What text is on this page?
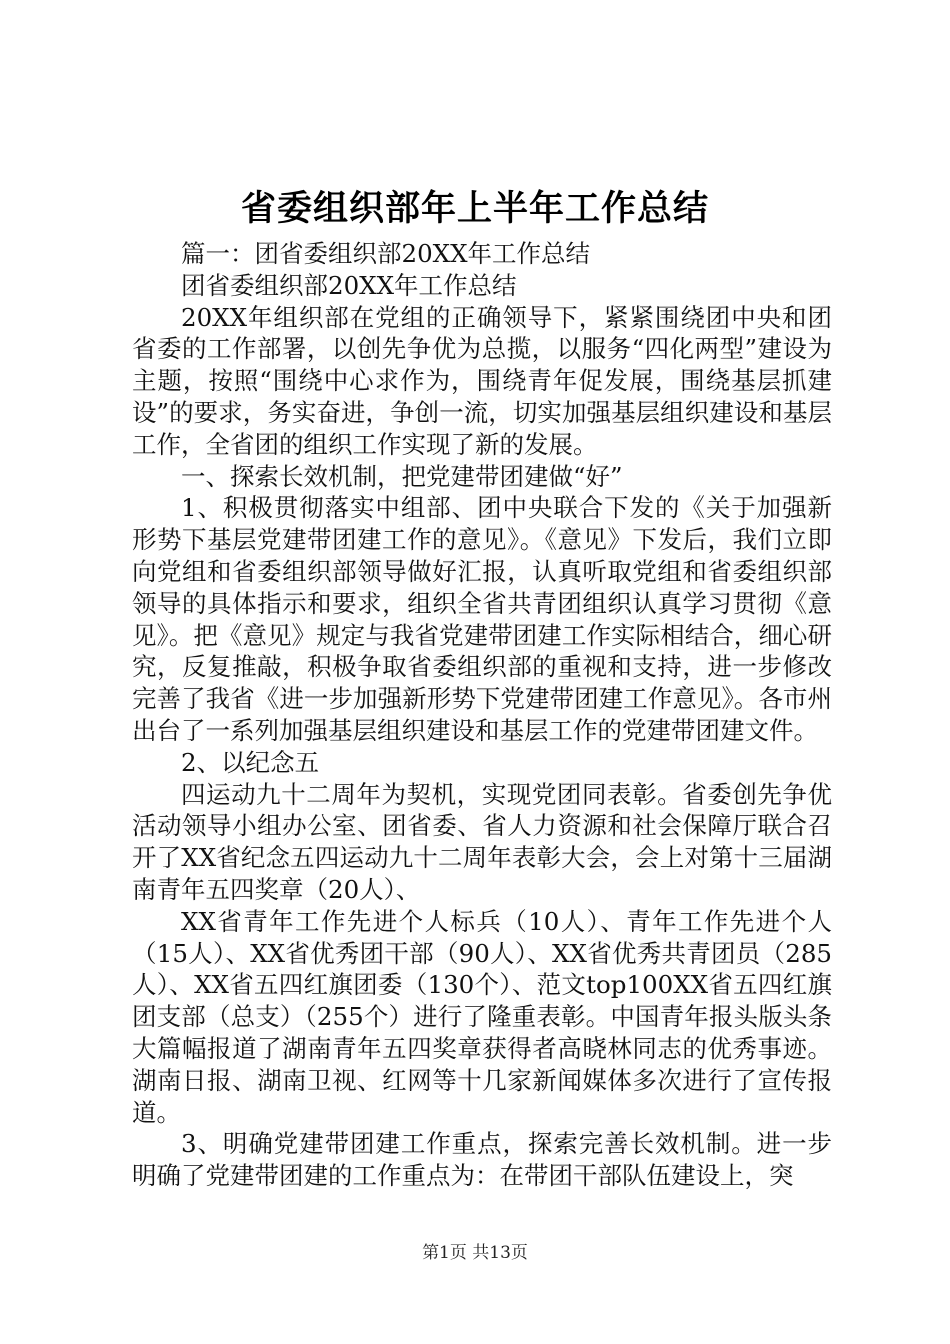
省委组织部年上半年工作总结

篇一：团省委组织部20XX年工作总结

团省委组织部20XX年工作总结

20XX年组织部在党组的正确领导下，紧紧围绕团中央和团省委的工作部署，以创先争优为总揽，以服务“四化两型”建设为主题，按照“围绕中心求作为，围绕青年促发展，围绕基层抓建设”的要求，务实奋进，争创一流，切实加强基层组织建设和基层工作，全省团的组织工作实现了新的发展。

一、探索长效机制，把党建带团建做“好”

1、积极贯彻落实中组部、团中央联合下发的《关于加强新形势下基层党建带团建工作的意见》。《意见》下发后，我们立即向党组和省委组织部领导做好汇报，认真听取党组和省委组织部领导的具体指示和要求，组织全省共青团组织认真学习贯彻《意见》。把《意见》规定与我省党建带团建工作实际相结合，细心研究，反复推敲，积极争取省委组织部的重视和支持，进一步修改完善了我省《进一步加强新形势下党建带团建工作意见》。各市州出台了一系列加强基层组织建设和基层工作的党建带团建文件。

2、以纪念五

四运动九十二周年为契机，实现党团同表彰。省委创先争优活动领导小组办公室、团省委、省人力资源和社会保障厅联合召开了XX省纪念五四运动九十二周年表彰大会，会上对第十三届湖南青年五四奖章（20人）、

XX省青年工作先进个人标兵（10人）、青年工作先进个人（15人）、XX省优秀团干部（90人）、XX省优秀共青团员（285人）、XX省五四红旗团委（130个）、范文top100XX省五四红旗团支部（总支）（255个）进行了隆重表彰。中国青年报头版头条大篇幅报道了湖南青年五四奖章获得者高晓林同志的优秀事迹。湖南日报、湖南卫视、红网等十几家新闻媒体多次进行了宣传报道。

3、明确党建带团建工作重点，探索完善长效机制。进一步明确了党建带团建的工作重点为：在带团干部队伍建设上，突

第1页 共13页
